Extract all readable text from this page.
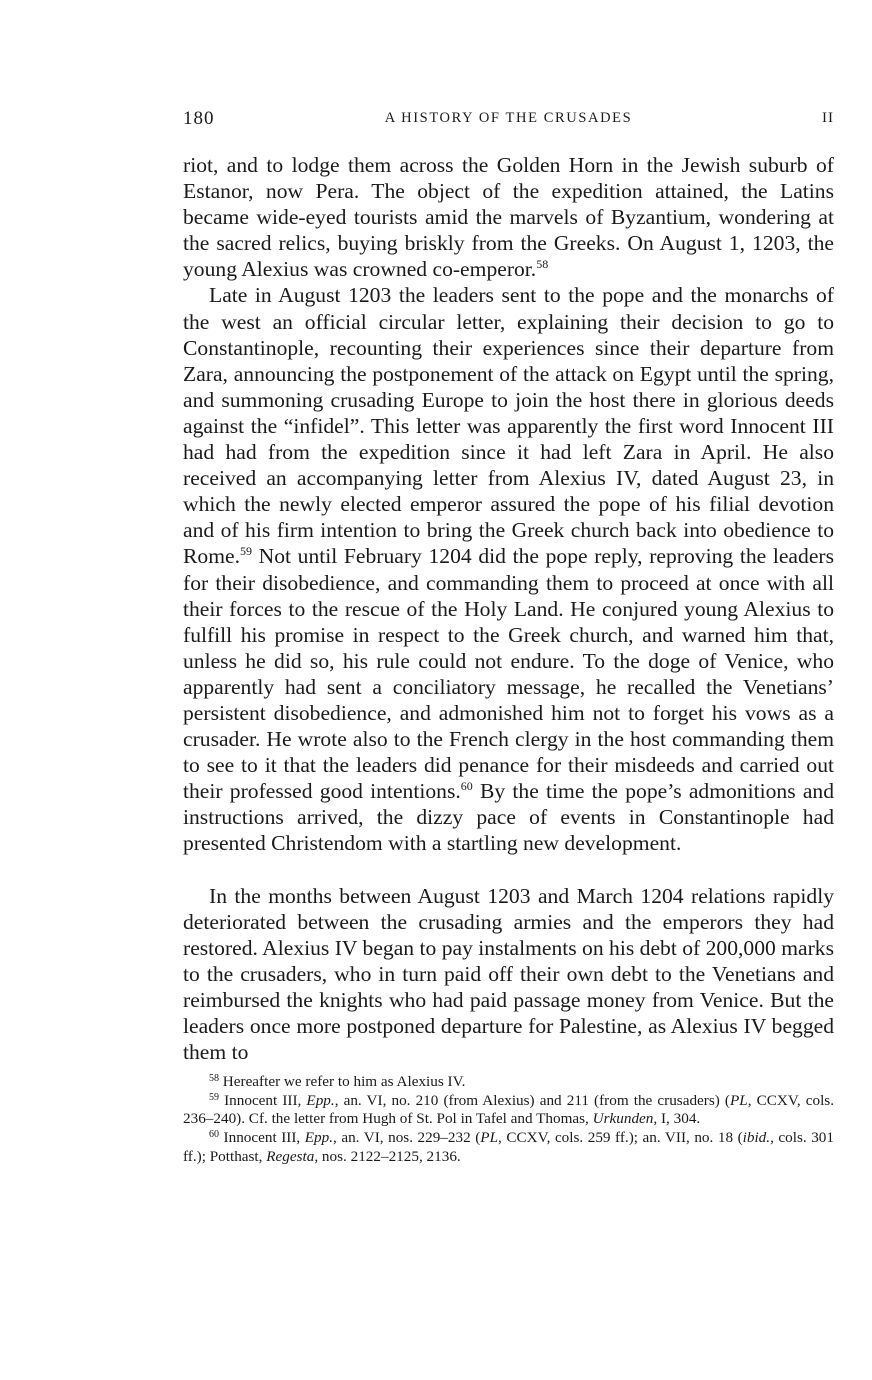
180	A HISTORY OF THE CRUSADES	II

riot, and to lodge them across the Golden Horn in the Jewish suburb of Estanor, now Pera. The object of the expedition attained, the Latins became wide-eyed tourists amid the marvels of Byzantium, wondering at the sacred relics, buying briskly from the Greeks. On August 1, 1203, the young Alexius was crowned co-emperor.$^{58}$

Late in August 1203 the leaders sent to the pope and the monarchs of the west an official circular letter, explaining their decision to go to Constantinople, recounting their experiences since their departure from Zara, announcing the postponement of the attack on Egypt until the spring, and summoning crusading Europe to join the host there in glorious deeds against the “infidel”. This letter was apparently the first word Innocent III had had from the expedition since it had left Zara in April. He also received an accompanying letter from Alexius IV, dated August 23, in which the newly elected emperor assured the pope of his filial devotion and of his firm intention to bring the Greek church back into obedience to Rome.$^{59}$ Not until February 1204 did the pope reply, reproving the leaders for their disobedience, and commanding them to proceed at once with all their forces to the rescue of the Holy Land. He conjured young Alexius to fulfill his promise in respect to the Greek church, and warned him that, unless he did so, his rule could not endure. To the doge of Venice, who apparently had sent a conciliatory message, he recalled the Venetians’ persistent disobedience, and admonished him not to forget his vows as a crusader. He wrote also to the French clergy in the host commanding them to see to it that the leaders did penance for their misdeeds and carried out their professed good intentions.$^{60}$ By the time the pope’s admonitions and instructions arrived, the dizzy pace of events in Constantinople had presented Christendom with a startling new development.

In the months between August 1203 and March 1204 relations rapidly deteriorated between the crusading armies and the emperors they had restored. Alexius IV began to pay instalments on his debt of 200,000 marks to the crusaders, who in turn paid off their own debt to the Venetians and reimbursed the knights who had paid passage money from Venice. But the leaders once more postponed departure for Palestine, as Alexius IV begged them to

$^{58}$ Hereafter we refer to him as Alexius IV.

$^{59}$ Innocent III, Epp., an. VI, no. 210 (from Alexius) and 211 (from the crusaders) (PL, CCXV, cols. 236–240). Cf. the letter from Hugh of St. Pol in Tafel and Thomas, Urkunden, I, 304.

$^{60}$ Innocent III, Epp., an. VI, nos. 229–232 (PL, CCXV, cols. 259 ff.); an. VII, no. 18 (ibid., cols. 301 ff.); Potthast, Regesta, nos. 2122–2125, 2136.
